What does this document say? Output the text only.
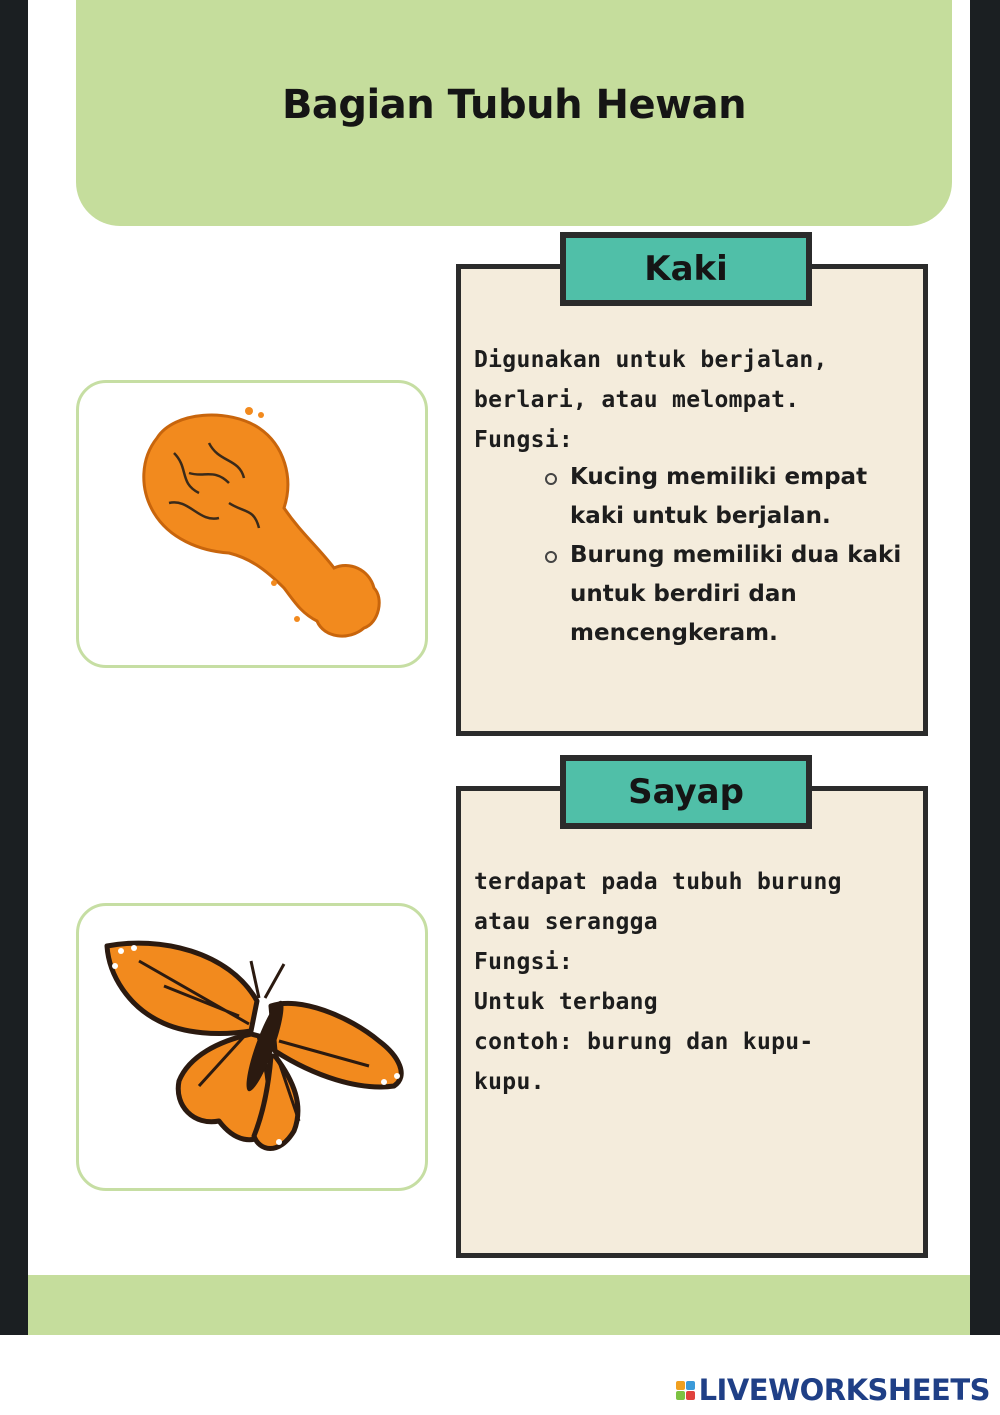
Bagian Tubuh Hewan
Kaki
Digunakan untuk berjalan,
berlari, atau melompat.
Fungsi:
Kucing memiliki empat kaki untuk berjalan.
Burung memiliki dua kaki untuk berdiri dan mencengkeram.
Sayap
terdapat pada tubuh burung
atau serangga
Fungsi:
Untuk terbang
contoh: burung dan kupu-
kupu.
LIVEWORKSHEETS
